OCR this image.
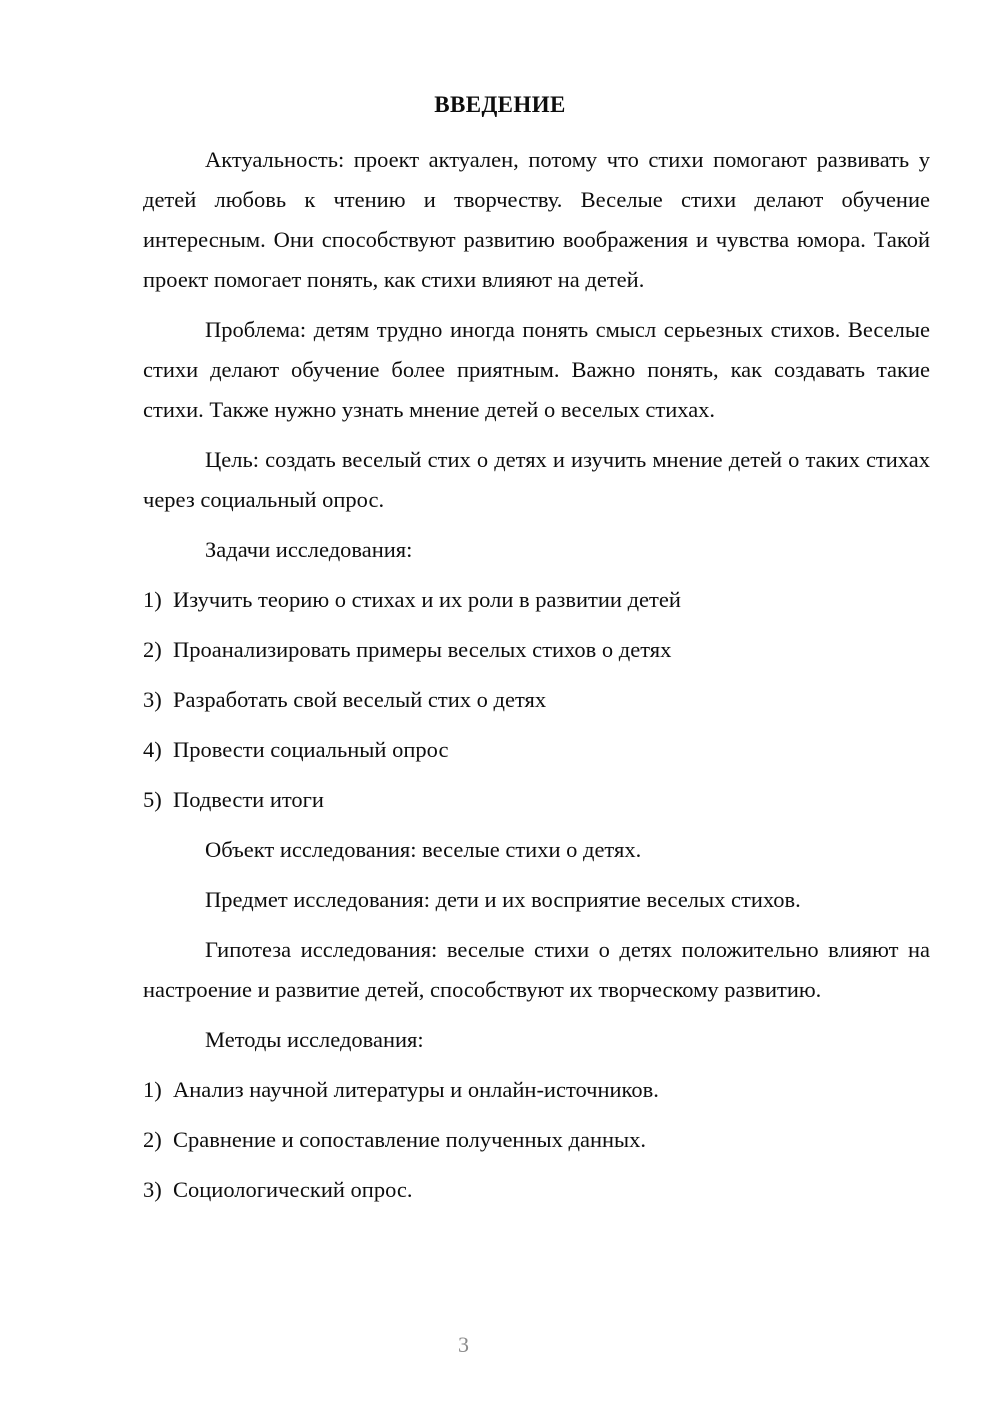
ВВЕДЕНИЕ

Актуальность: проект актуален, потому что стихи помогают развивать у детей любовь к чтению и творчеству. Веселые стихи делают обучение интересным. Они способствуют развитию воображения и чувства юмора. Такой проект помогает понять, как стихи влияют на детей.

Проблема: детям трудно иногда понять смысл серьезных стихов. Веселые стихи делают обучение более приятным. Важно понять, как создавать такие стихи. Также нужно узнать мнение детей о веселых стихах.

Цель: создать веселый стих о детях и изучить мнение детей о таких стихах через социальный опрос.

Задачи исследования:

1) Изучить теорию о стихах и их роли в развитии детей
2) Проанализировать примеры веселых стихов о детях
3) Разработать свой веселый стих о детях
4) Провести социальный опрос
5) Подвести итоги

Объект исследования: веселые стихи о детях.

Предмет исследования: дети и их восприятие веселых стихов.

Гипотеза исследования: веселые стихи о детях положительно влияют на настроение и развитие детей, способствуют их творческому развитию.

Методы исследования:

1) Анализ научной литературы и онлайн-источников.
2) Сравнение и сопоставление полученных данных.
3) Социологический опрос.
3
